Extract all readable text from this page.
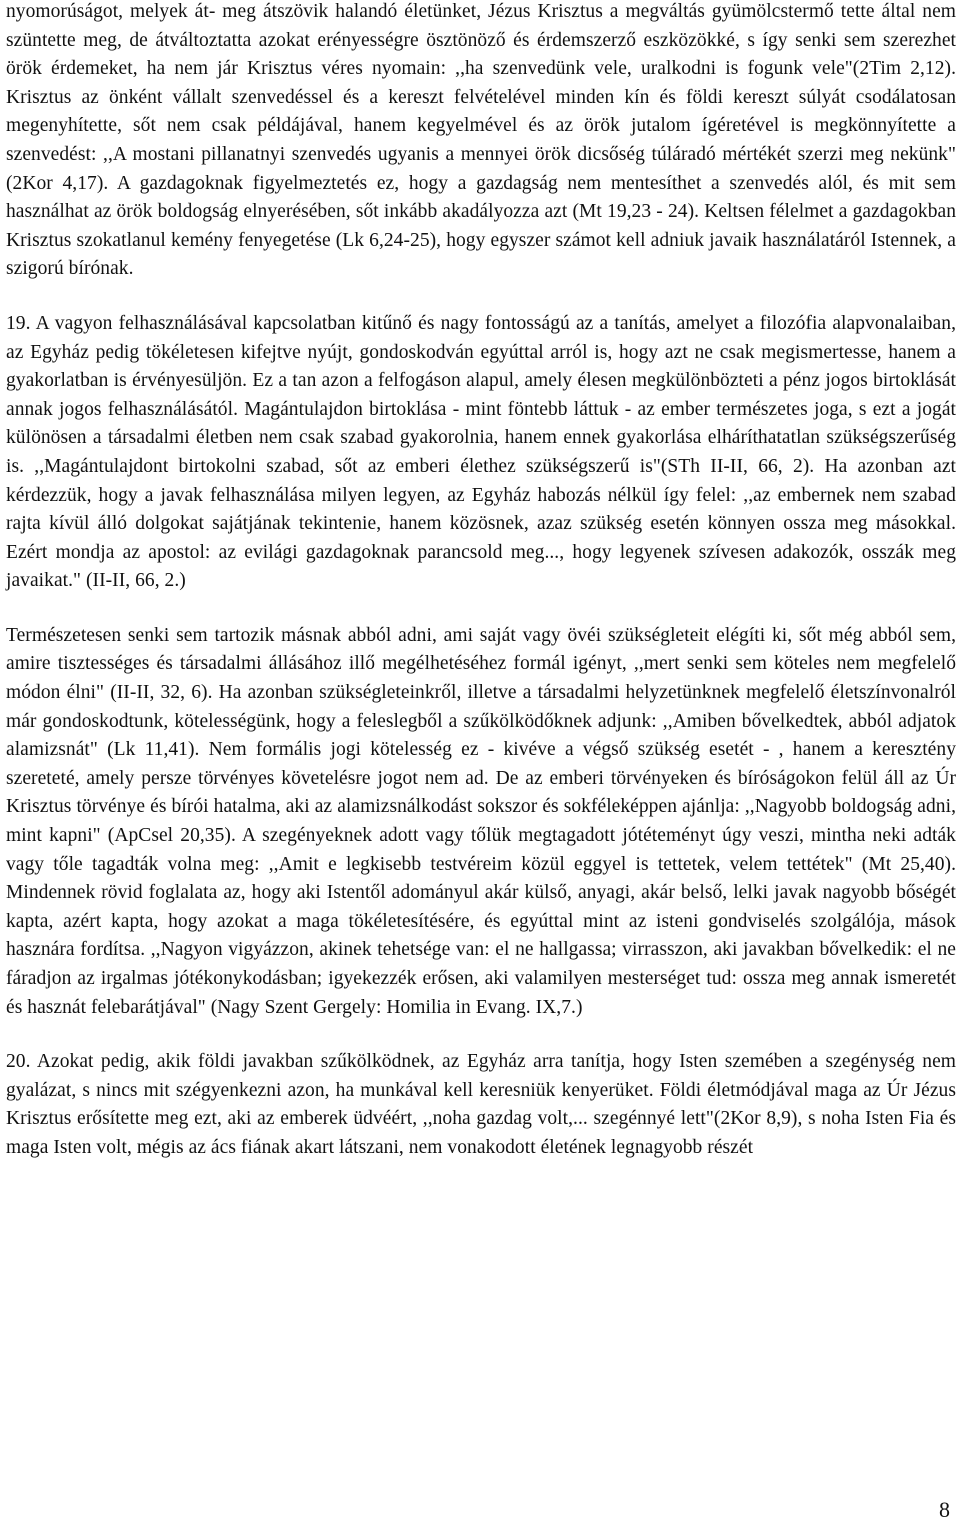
nyomorúságot, melyek át- meg átszövik halandó életünket, Jézus Krisztus a megváltás gyümölcstermő tette által nem szüntette meg, de átváltoztatta azokat erényességre ösztönöző és érdemszerző eszközökké, s így senki sem szerezhet örök érdemeket, ha nem jár Krisztus véres nyomain: ,,ha szenvedünk vele, uralkodni is fogunk vele"(2Tim 2,12). Krisztus az önként vállalt szenvedéssel és a kereszt felvételével minden kín és földi kereszt súlyát csodálatosan megenyhítette, sőt nem csak példájával, hanem kegyelmével és az örök jutalom ígéretével is megkönnyítette a szenvedést: ,,A mostani pillanatnyi szenvedés ugyanis a mennyei örök dicsőség túláradó mértékét szerzi meg nekünk"(2Kor 4,17). A gazdagoknak figyelmeztetés ez, hogy a gazdagság nem mentesíthet a szenvedés alól, és mit sem használhat az örök boldogság elnyerésében, sőt inkább akadályozza azt (Mt 19,23 - 24). Keltsen félelmet a gazdagokban Krisztus szokatlanul kemény fenyegetése (Lk 6,24-25), hogy egyszer számot kell adniuk javaik használatáról Istennek, a szigorú bírónak.

19. A vagyon felhasználásával kapcsolatban kitűnő és nagy fontosságú az a tanítás, amelyet a filozófia alapvonalaiban, az Egyház pedig tökéletesen kifejtve nyújt, gondoskodván egyúttal arról is, hogy azt ne csak megismertesse, hanem a gyakorlatban is érvényesüljön. Ez a tan azon a felfogáson alapul, amely élesen megkülönbözteti a pénz jogos birtoklását annak jogos felhasználásától. Magántulajdon birtoklása - mint föntebb láttuk - az ember természetes joga, s ezt a jogát különösen a társadalmi életben nem csak szabad gyakorolnia, hanem ennek gyakorlása elháríthatatlan szükségszerűség is. ,,Magántulajdont birtokolni szabad, sőt az emberi élethez szükségszerű is"(STh II-II, 66, 2). Ha azonban azt kérdezzük, hogy a javak felhasználása milyen legyen, az Egyház habozás nélkül így felel: ,,az embernek nem szabad rajta kívül álló dolgokat sajátjának tekintenie, hanem közösnek, azaz szükség esetén könnyen ossza meg másokkal. Ezért mondja az apostol: az evilági gazdagoknak parancsold meg..., hogy legyenek szívesen adakozók, osszák meg javaikat." (II-II, 66, 2.)

Természetesen senki sem tartozik másnak abból adni, ami saját vagy övéi szükségleteit elégíti ki, sőt még abból sem, amire tisztességes és társadalmi állásához illő megélhetéséhez formál igényt, ,,mert senki sem köteles nem megfelelő módon élni" (II-II, 32, 6). Ha azonban szükségleteinkről, illetve a társadalmi helyzetünknek megfelelő életszínvonalról már gondoskodtunk, kötelességünk, hogy a feleslegből a szűkölködőknek adjunk: ,,Amiben bővelkedtek, abból adjatok alamizsnát" (Lk 11,41). Nem formális jogi kötelesség ez - kivéve a végső szükség esetét - , hanem a keresztény szereteté, amely persze törvényes követelésre jogot nem ad. De az emberi törvényeken és bíróságokon felül áll az Úr Krisztus törvénye és bírói hatalma, aki az alamizsnálkodást sokszor és sokféleképpen ajánlja: ,,Nagyobb boldogság adni, mint kapni" (ApCsel 20,35). A szegényeknek adott vagy tőlük megtagadott jótéteményt úgy veszi, mintha neki adták vagy tőle tagadták volna meg: ,,Amit e legkisebb testvéreim közül eggyel is tettetek, velem tettétek" (Mt 25,40). Mindennek rövid foglalata az, hogy aki Istentől adományul akár külső, anyagi, akár belső, lelki javak nagyobb bőségét kapta, azért kapta, hogy azokat a maga tökéletesítésére, és egyúttal mint az isteni gondviselés szolgálója, mások hasznára fordítsa. ,,Nagyon vigyázzon, akinek tehetsége van: el ne hallgassa; virrasszon, aki javakban bővelkedik: el ne fáradjon az irgalmas jótékonykodásban; igyekezzék erősen, aki valamilyen mesterséget tud: ossza meg annak ismeretét és hasznát felebarátjával" (Nagy Szent Gergely: Homilia in Evang. IX,7.)

20. Azokat pedig, akik földi javakban szűkölködnek, az Egyház arra tanítja, hogy Isten szemében a szegénység nem gyalázat, s nincs mit szégyenkezni azon, ha munkával kell keresniük kenyerüket. Földi életmódjával maga az Úr Jézus Krisztus erősítette meg ezt, aki az emberek üdvéért, ,,noha gazdag volt,... szegénnyé lett"(2Kor 8,9), s noha Isten Fia és maga Isten volt, mégis az ács fiának akart látszani, nem vonakodott életének legnagyobb részét

8
